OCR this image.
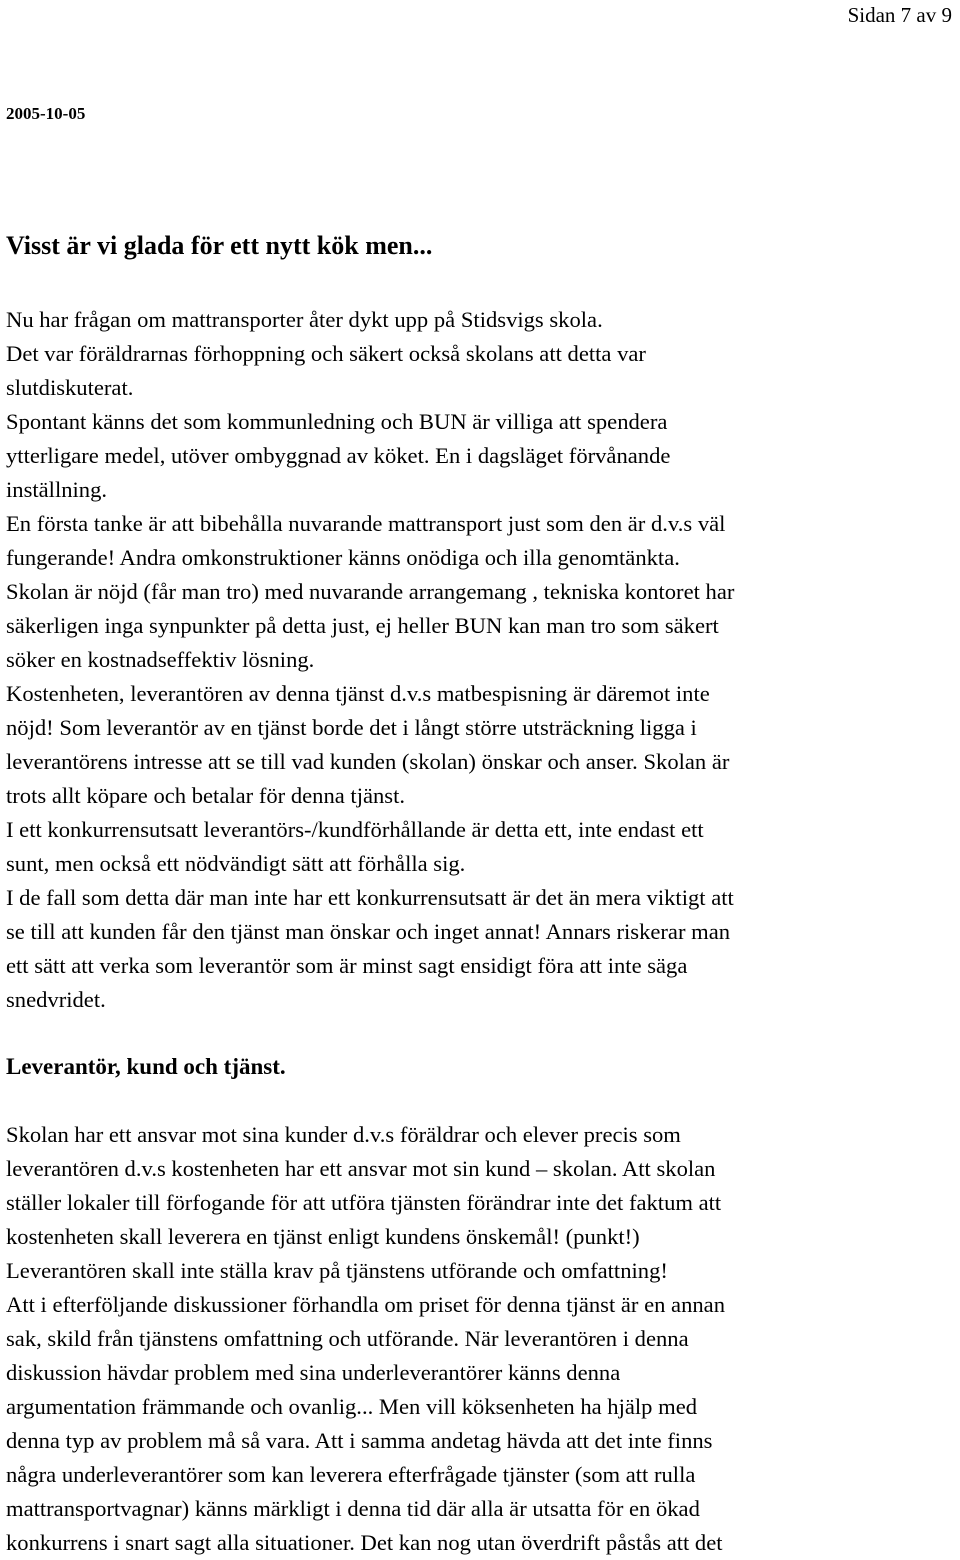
Sidan 7 av 9
2005-10-05
Visst är vi glada för ett nytt kök men...

Nu har frågan om mattransporter åter dykt upp på Stidsvigs skola.

Det var föräldrarnas förhoppning och säkert också skolans att detta var

slutdiskuterat.

Spontant känns det som kommunledning och BUN är villiga att spendera

ytterligare medel, utöver ombyggnad av köket. En i dagsläget förvånande

inställning.

En första tanke är att bibehålla nuvarande mattransport just som den är d.v.s väl

fungerande! Andra omkonstruktioner känns onödiga och illa genomtänkta.

Skolan är nöjd (får man tro) med nuvarande arrangemang , tekniska kontoret har

säkerligen inga synpunkter på detta just, ej heller BUN kan man tro som säkert

söker en kostnadseffektiv lösning.

Kostenheten, leverantören av denna tjänst d.v.s matbespisning är däremot inte

nöjd! Som leverantör av en tjänst borde det i långt större utsträckning ligga i

leverantörens intresse att se till vad kunden (skolan) önskar och anser. Skolan är

trots allt köpare och betalar för denna tjänst.

I ett konkurrensutsatt leverantörs-/kundförhållande är detta ett, inte endast ett

sunt, men också ett nödvändigt sätt att förhålla sig.

I de fall som detta där man inte har ett konkurrensutsatt är det än mera viktigt att

se till att kunden får den tjänst man önskar och inget annat! Annars riskerar man

ett sätt att verka som leverantör som är minst sagt ensidigt föra att inte säga

snedvridet.

Leverantör, kund och tjänst.

Skolan har ett ansvar mot sina kunder d.v.s föräldrar och elever precis som

leverantören d.v.s kostenheten har ett ansvar mot sin kund – skolan. Att skolan

ställer lokaler till förfogande för att utföra tjänsten förändrar inte det faktum att

kostenheten skall leverera en tjänst enligt kundens önskemål! (punkt!)

Leverantören skall inte ställa krav på tjänstens utförande och omfattning!

Att i efterföljande diskussioner förhandla om priset för denna tjänst är en annan

sak, skild från tjänstens omfattning och utförande. När leverantören i denna

diskussion hävdar problem med sina underleverantörer känns denna

argumentation främmande och ovanlig... Men vill köksenheten ha hjälp med

denna typ av problem må så vara. Att i samma andetag hävda att det inte finns

några underleverantörer som kan leverera efterfrågade tjänster (som att rulla

mattransportvagnar) känns märkligt i denna tid där alla är utsatta för en ökad

konkurrens i snart sagt alla situationer. Det kan nog utan överdrift påstås att det
